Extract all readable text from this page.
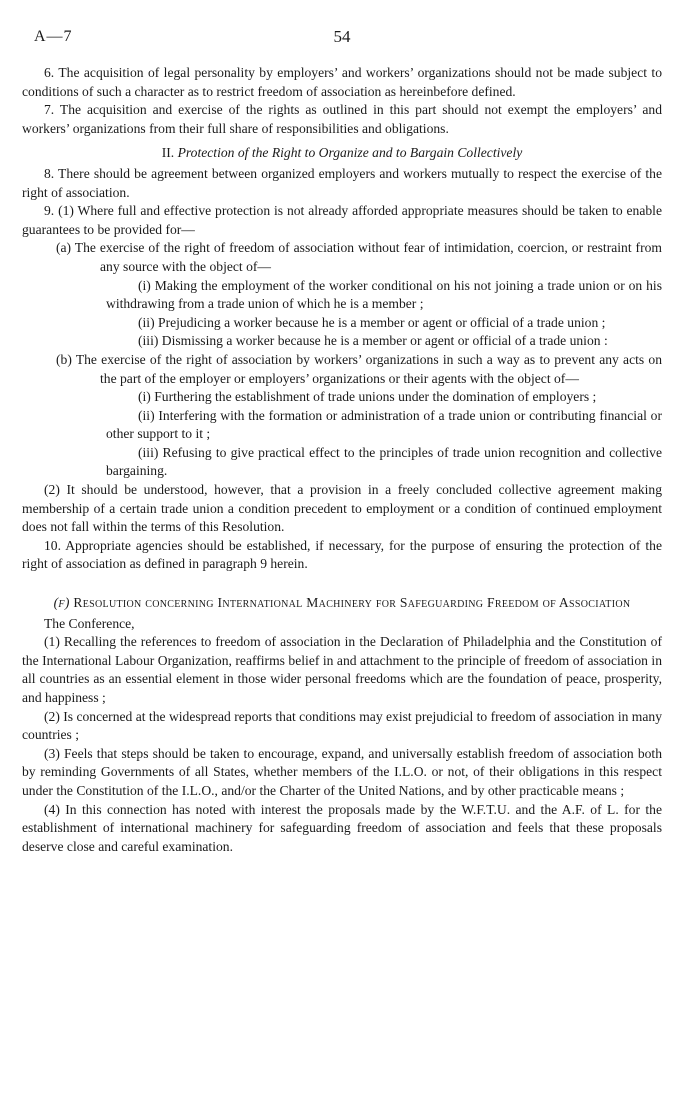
A—7	54

6. The acquisition of legal personality by employers’ and workers’ organizations should not be made subject to conditions of such a character as to restrict freedom of association as hereinbefore defined.

7. The acquisition and exercise of the rights as outlined in this part should not exempt the employers’ and workers’ organizations from their full share of responsibilities and obligations.

II. Protection of the Right to Organize and to Bargain Collectively

8. There should be agreement between organized employers and workers mutually to respect the exercise of the right of association.

9. (1) Where full and effective protection is not already afforded appropriate measures should be taken to enable guarantees to be provided for—

(a) The exercise of the right of freedom of association without fear of intimidation, coercion, or restraint from any source with the object of—

(i) Making the employment of the worker conditional on his not joining a trade union or on his withdrawing from a trade union of which he is a member ;

(ii) Prejudicing a worker because he is a member or agent or official of a trade union ;

(iii) Dismissing a worker because he is a member or agent or official of a trade union :

(b) The exercise of the right of association by workers’ organizations in such a way as to prevent any acts on the part of the employer or employers’ organizations or their agents with the object of—

(i) Furthering the establishment of trade unions under the domination of employers ;

(ii) Interfering with the formation or administration of a trade union or contributing financial or other support to it ;

(iii) Refusing to give practical effect to the principles of trade union recognition and collective bargaining.

(2) It should be understood, however, that a provision in a freely concluded collective agreement making membership of a certain trade union a condition precedent to employment or a condition of continued employment does not fall within the terms of this Resolution.

10. Appropriate agencies should be established, if necessary, for the purpose of ensuring the protection of the right of association as defined in paragraph 9 herein.

(f) Resolution concerning International Machinery for Safeguarding Freedom of Association

The Conference,

(1) Recalling the references to freedom of association in the Declaration of Philadelphia and the Constitution of the International Labour Organization, reaffirms belief in and attachment to the principle of freedom of association in all countries as an essential element in those wider personal freedoms which are the foundation of peace, prosperity, and happiness ;

(2) Is concerned at the widespread reports that conditions may exist prejudicial to freedom of association in many countries ;

(3) Feels that steps should be taken to encourage, expand, and universally establish freedom of association both by reminding Governments of all States, whether members of the I.L.O. or not, of their obligations in this respect under the Constitution of the I.L.O., and/or the Charter of the United Nations, and by other practicable means ;

(4) In this connection has noted with interest the proposals made by the W.F.T.U. and the A.F. of L. for the establishment of international machinery for safeguarding freedom of association and feels that these proposals deserve close and careful examination.
